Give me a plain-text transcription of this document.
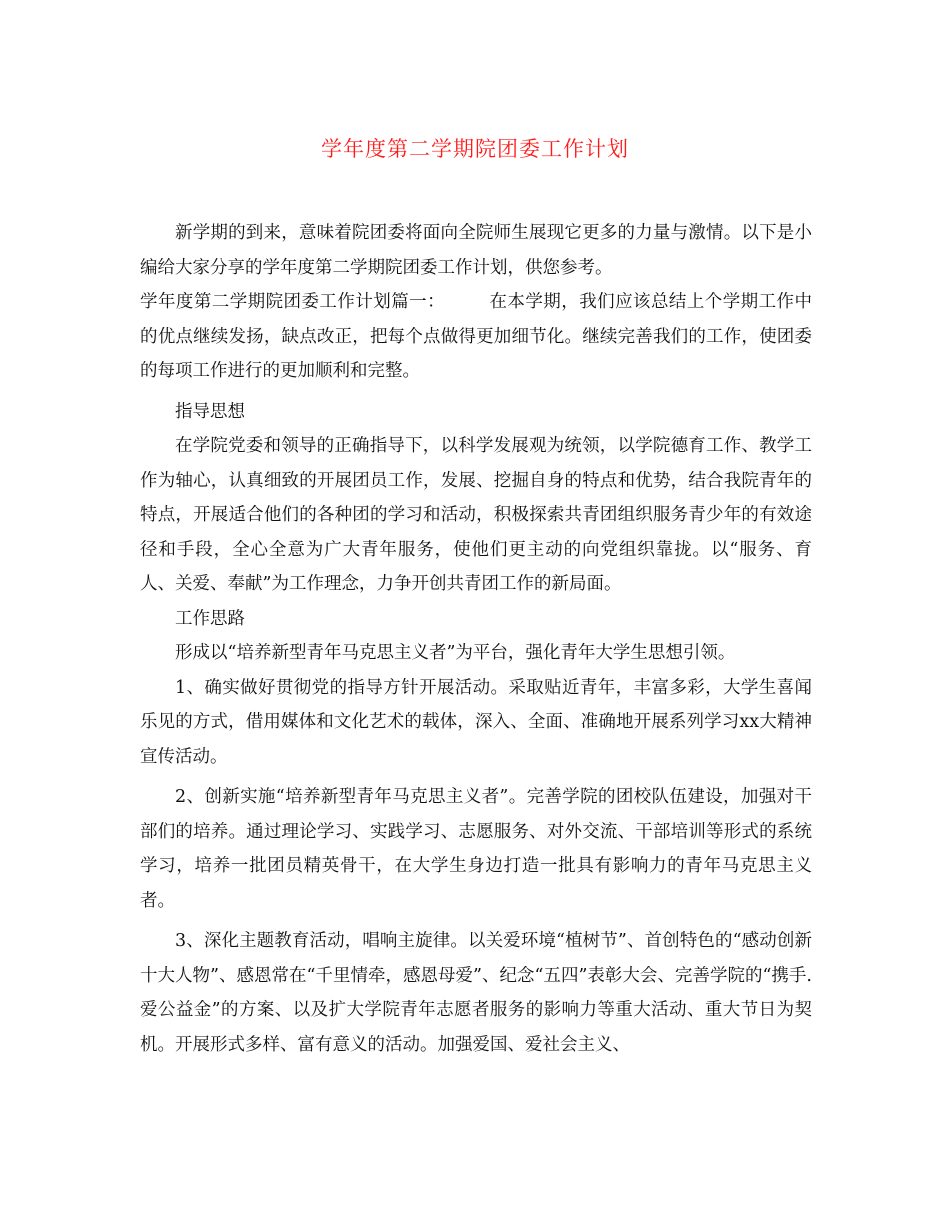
学年度第二学期院团委工作计划

新学期的到来，意味着院团委将面向全院师生展现它更多的力量与激情。以下是小编给大家分享的学年度第二学期院团委工作计划，供您参考。

学年度第二学期院团委工作计划篇一：	在本学期，我们应该总结上个学期工作中的优点继续发扬，缺点改正，把每个点做得更加细节化。继续完善我们的工作，使团委的每项工作进行的更加顺利和完整。

指导思想

在学院党委和领导的正确指导下，以科学发展观为统领，以学院德育工作、教学工作为轴心，认真细致的开展团员工作，发展、挖掘自身的特点和优势，结合我院青年的特点，开展适合他们的各种团的学习和活动，积极探索共青团组织服务青少年的有效途径和手段，全心全意为广大青年服务，使他们更主动的向党组织靠拢。以“服务、育人、关爱、奉献”为工作理念，力争开创共青团工作的新局面。

工作思路

形成以“培养新型青年马克思主义者”为平台，强化青年大学生思想引领。

1、确实做好贯彻党的指导方针开展活动。采取贴近青年，丰富多彩，大学生喜闻乐见的方式，借用媒体和文化艺术的载体，深入、全面、准确地开展系列学习xx大精神宣传活动。

2、创新实施“培养新型青年马克思主义者”。完善学院的团校队伍建设，加强对干部们的培养。通过理论学习、实践学习、志愿服务、对外交流、干部培训等形式的系统学习，培养一批团员精英骨干，在大学生身边打造一批具有影响力的青年马克思主义者。

3、深化主题教育活动，唱响主旋律。以关爱环境“植树节”、首创特色的“感动创新十大人物”、感恩常在“千里情牵，感恩母爱”、纪念“五四”表彰大会、完善学院的“携手.爱公益金”的方案、以及扩大学院青年志愿者服务的影响力等重大活动、重大节日为契机。开展形式多样、富有意义的活动。加强爱国、爱社会主义、
